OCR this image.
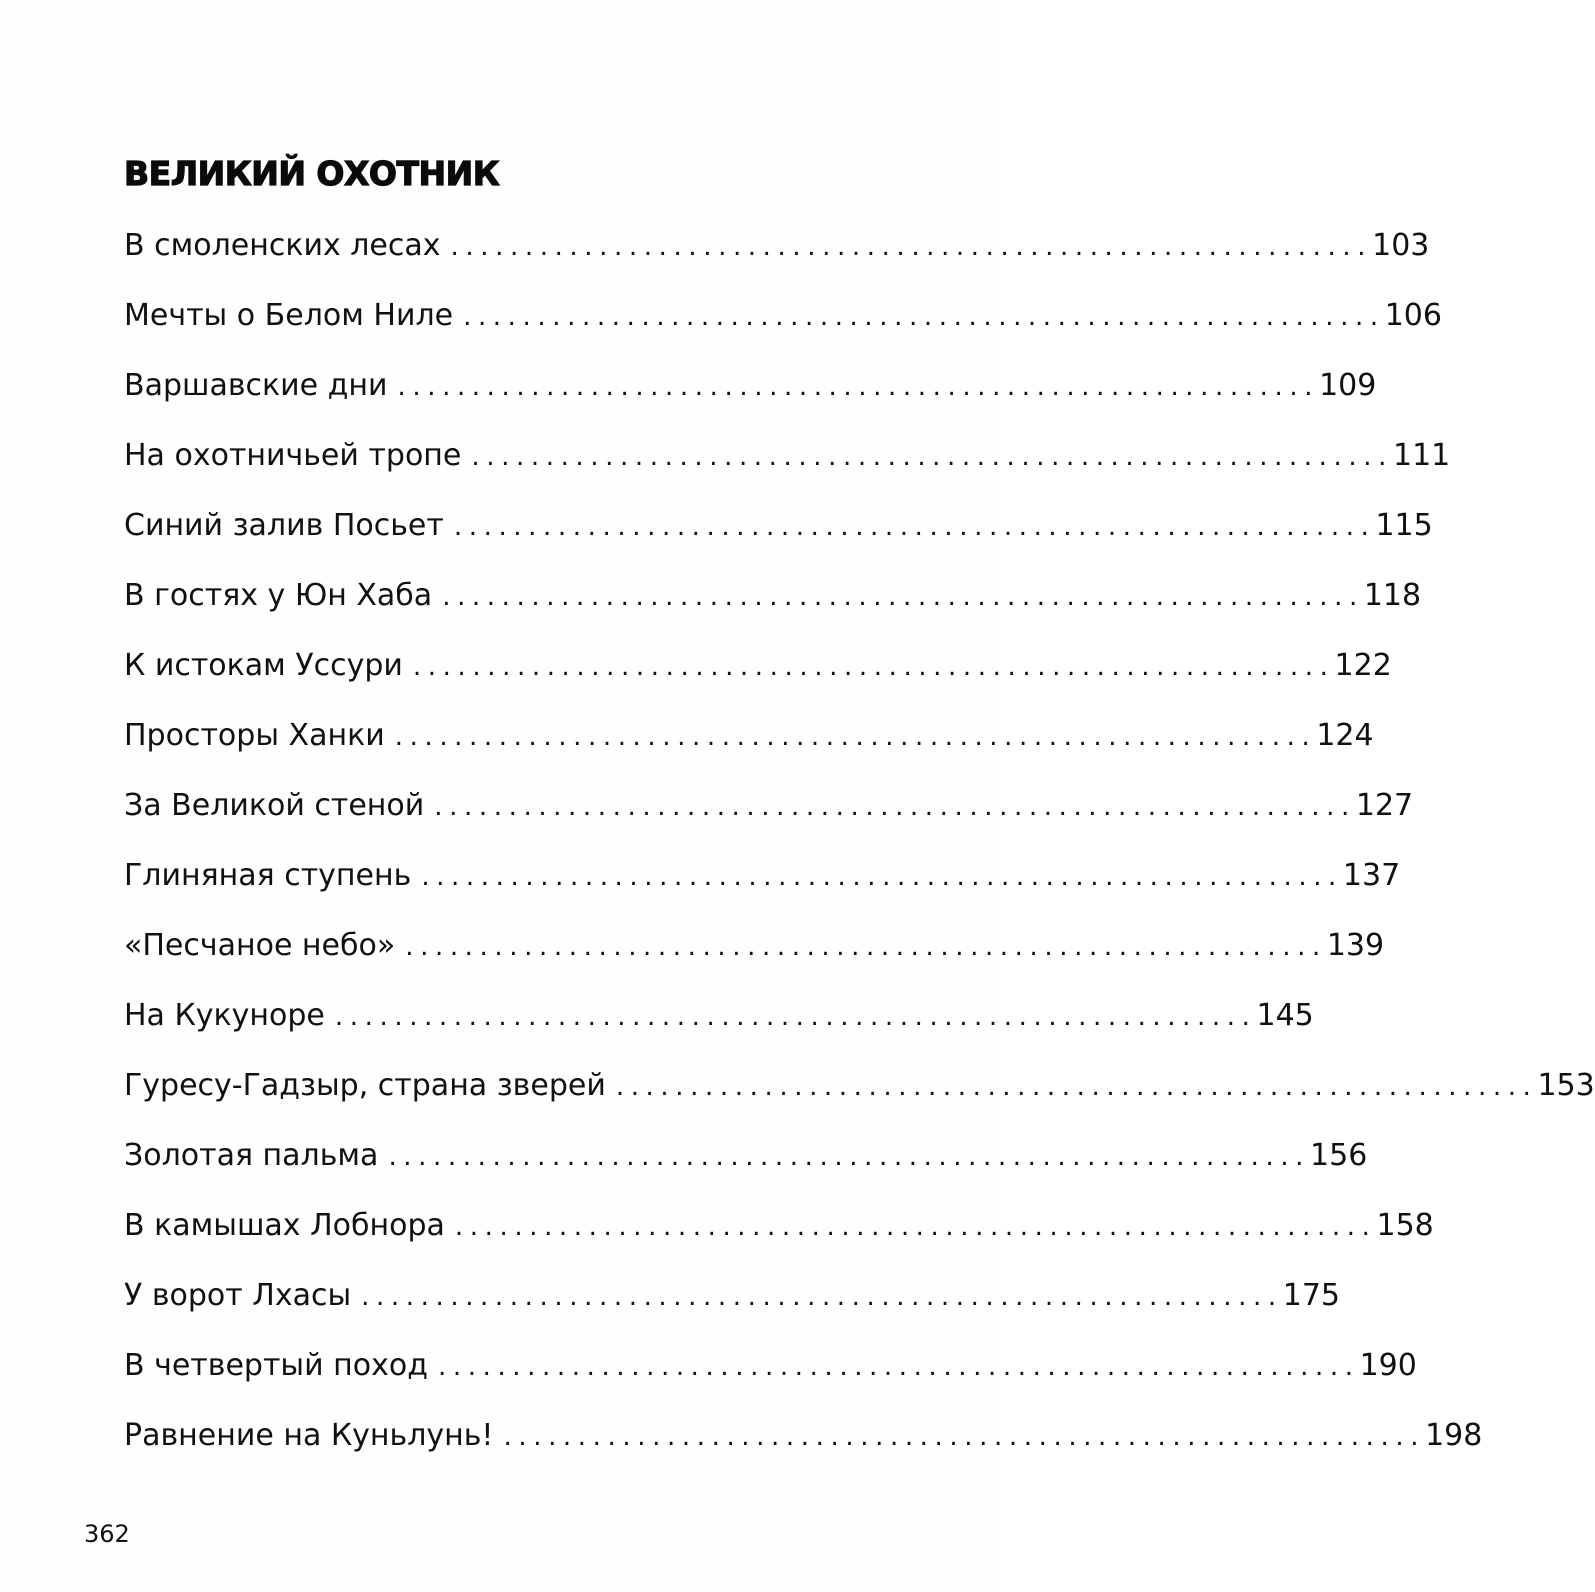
ВЕЛИКИЙ ОХОТНИК
В смоленских лесах .............................................................. 103
Мечты о Белом Ниле .............................................................. 106
Варшавские дни .............................................................. 109
На охотничьей тропе .............................................................. 111
Синий залив Посьет .............................................................. 115
В гостях у Юн Хаба .............................................................. 118
К истокам Уссури .............................................................. 122
Просторы Ханки .............................................................. 124
За Великой стеной .............................................................. 127
Глиняная ступень .............................................................. 137
«Песчаное небо» .............................................................. 139
На Кукуноре .............................................................. 145
Гуресу-Гадзыр, страна зверей .............................................................. 153
Золотая пальма .............................................................. 156
В камышах Лобнора .............................................................. 158
У ворот Лхасы .............................................................. 175
В четвертый поход .............................................................. 190
Равнение на Куньлунь! .............................................................. 198
362
